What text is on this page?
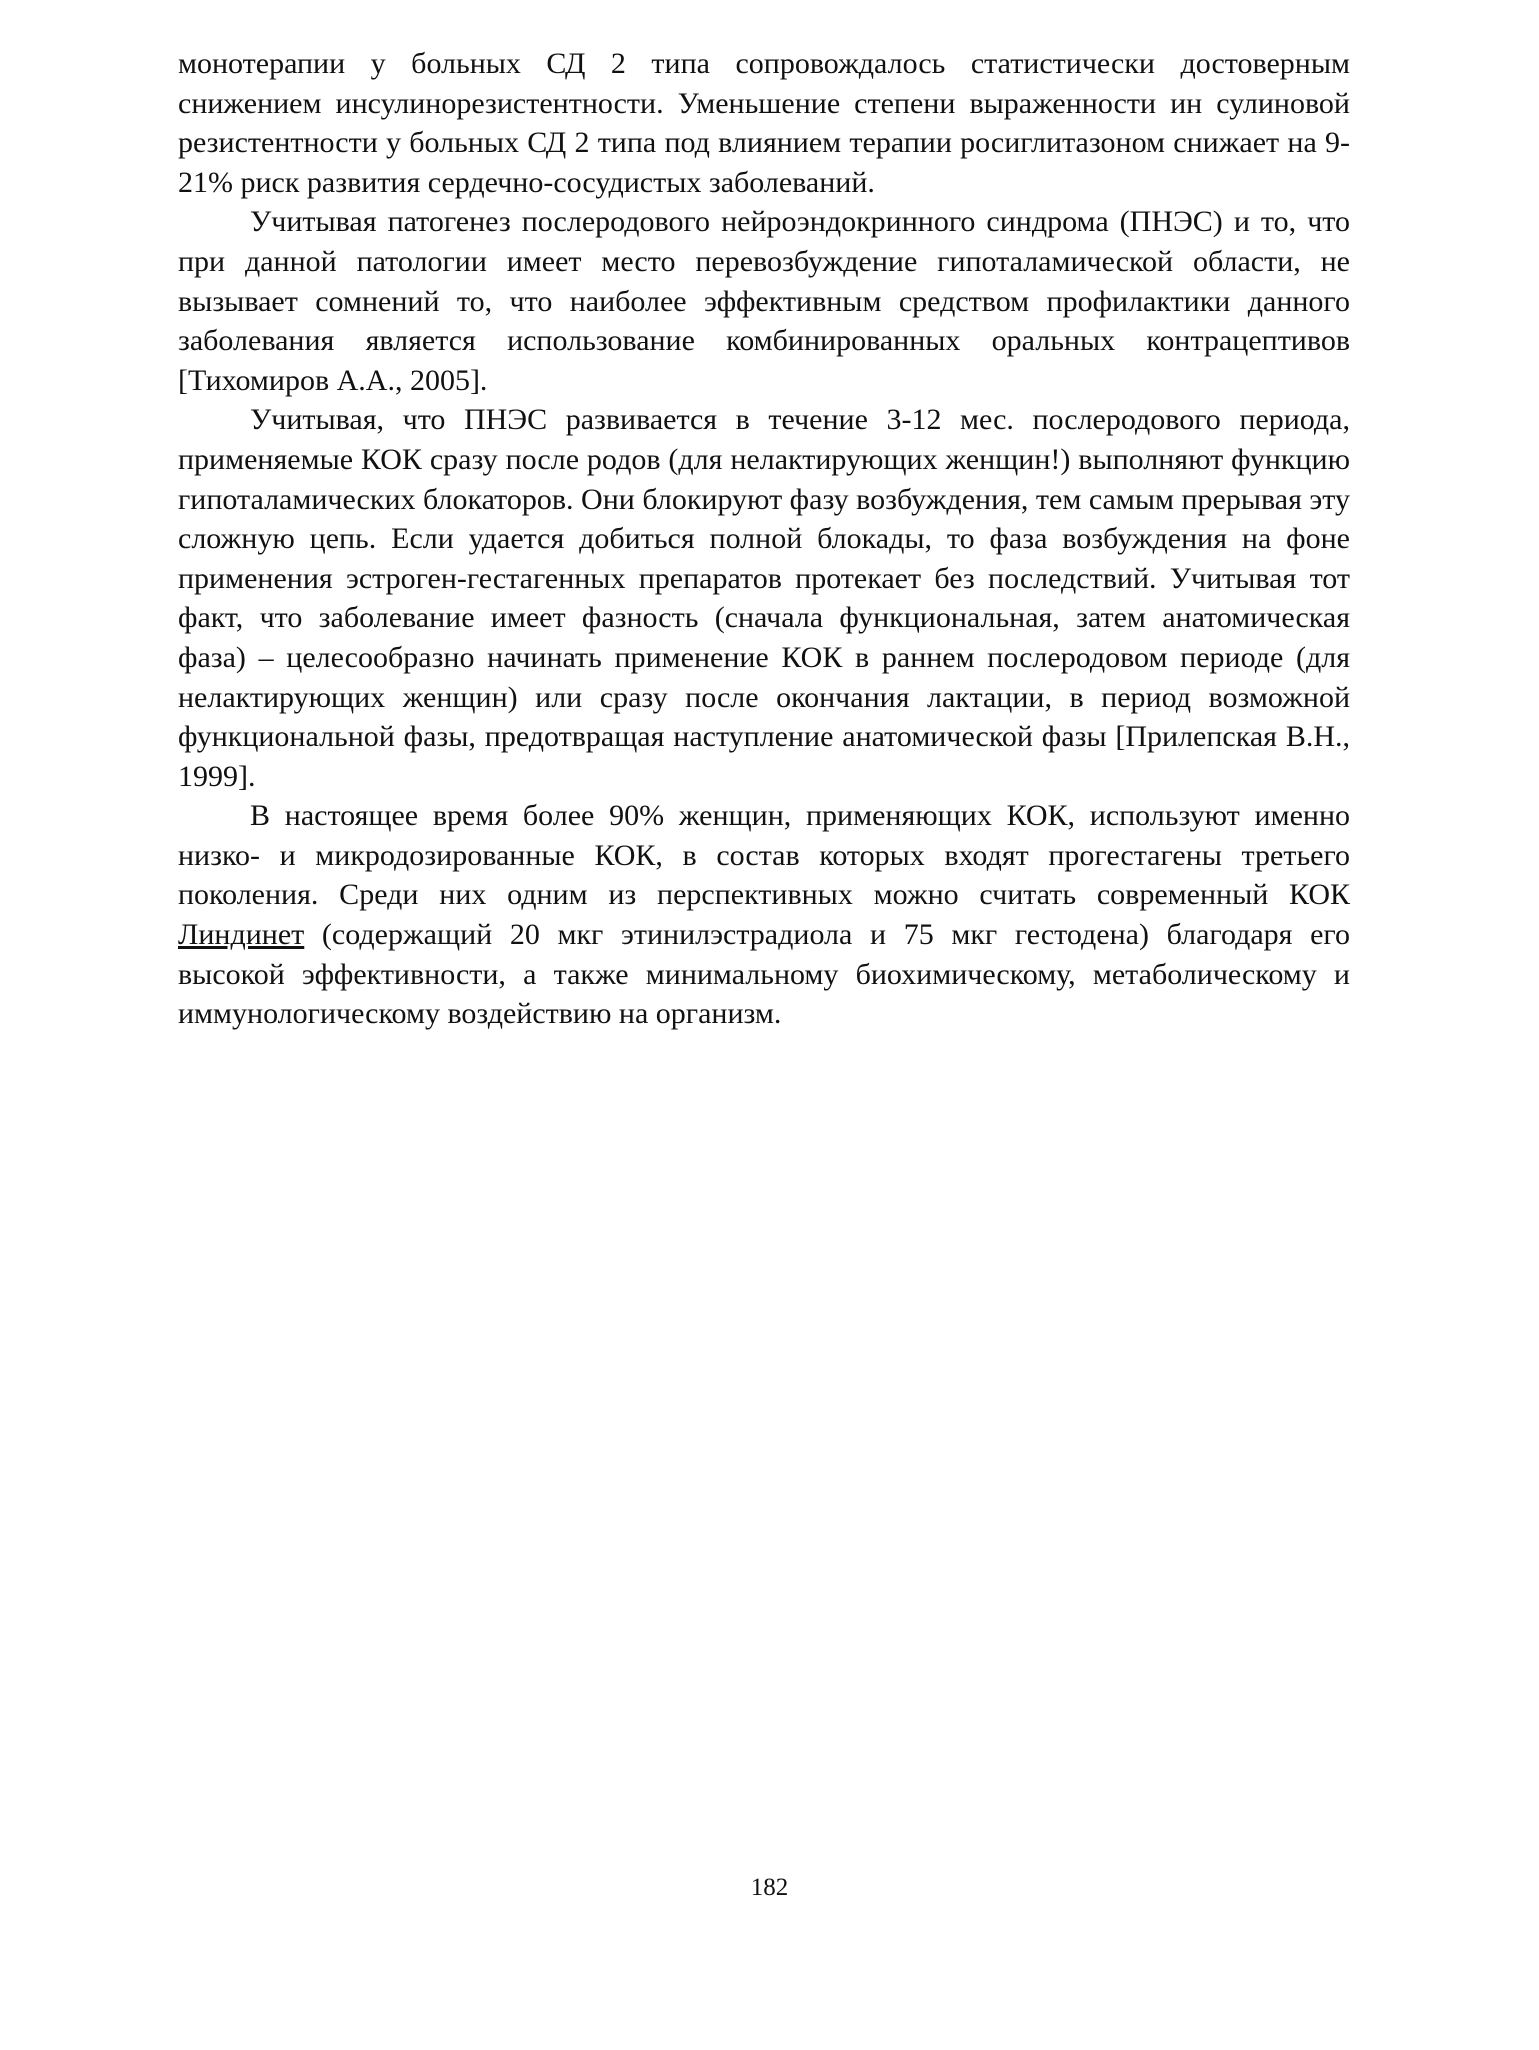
монотерапии у больных СД 2 типа сопровождалось статистически достоверным снижением инсулинорезистентности. Уменьшение степени выраженности ин сулиновой резистентности у больных СД 2 типа под влиянием терапии росиглитазоном снижает на 9-21% риск развития сердечно-сосудистых заболеваний.

Учитывая патогенез послеродового нейроэндокринного синдрома (ПНЭС) и то, что при данной патологии имеет место перевозбуждение гипоталамической области, не вызывает сомнений то, что наиболее эффективным средством профилактики данного заболевания является использование комбинированных оральных контрацептивов [Тихомиров А.А., 2005].

Учитывая, что ПНЭС развивается в течение 3-12 мес. послеродового периода, применяемые КОК сразу после родов (для нелактирующих женщин!) выполняют функцию гипоталамических блокаторов. Они блокируют фазу возбуждения, тем самым прерывая эту сложную цепь. Если удается добиться полной блокады, то фаза возбуждения на фоне применения эстроген-гестагенных препаратов протекает без последствий. Учитывая тот факт, что заболевание имеет фазность (сначала функциональная, затем анатомическая фаза) – целесообразно начинать применение КОК в раннем послеродовом периоде (для нелактирующих женщин) или сразу после окончания лактации, в период возможной функциональной фазы, предотвращая наступление анатомической фазы [Прилепская В.Н., 1999].

В настоящее время более 90% женщин, применяющих КОК, используют именно низко- и микродозированные КОК, в состав которых входят прогестагены третьего поколения. Среди них одним из перспективных можно считать современный КОК Линдинет (содержащий 20 мкг этинилэстрадиола и 75 мкг гестодена) благодаря его высокой эффективности, а также минимальному биохимическому, метаболическому и иммунологическому воздействию на организм.

182
